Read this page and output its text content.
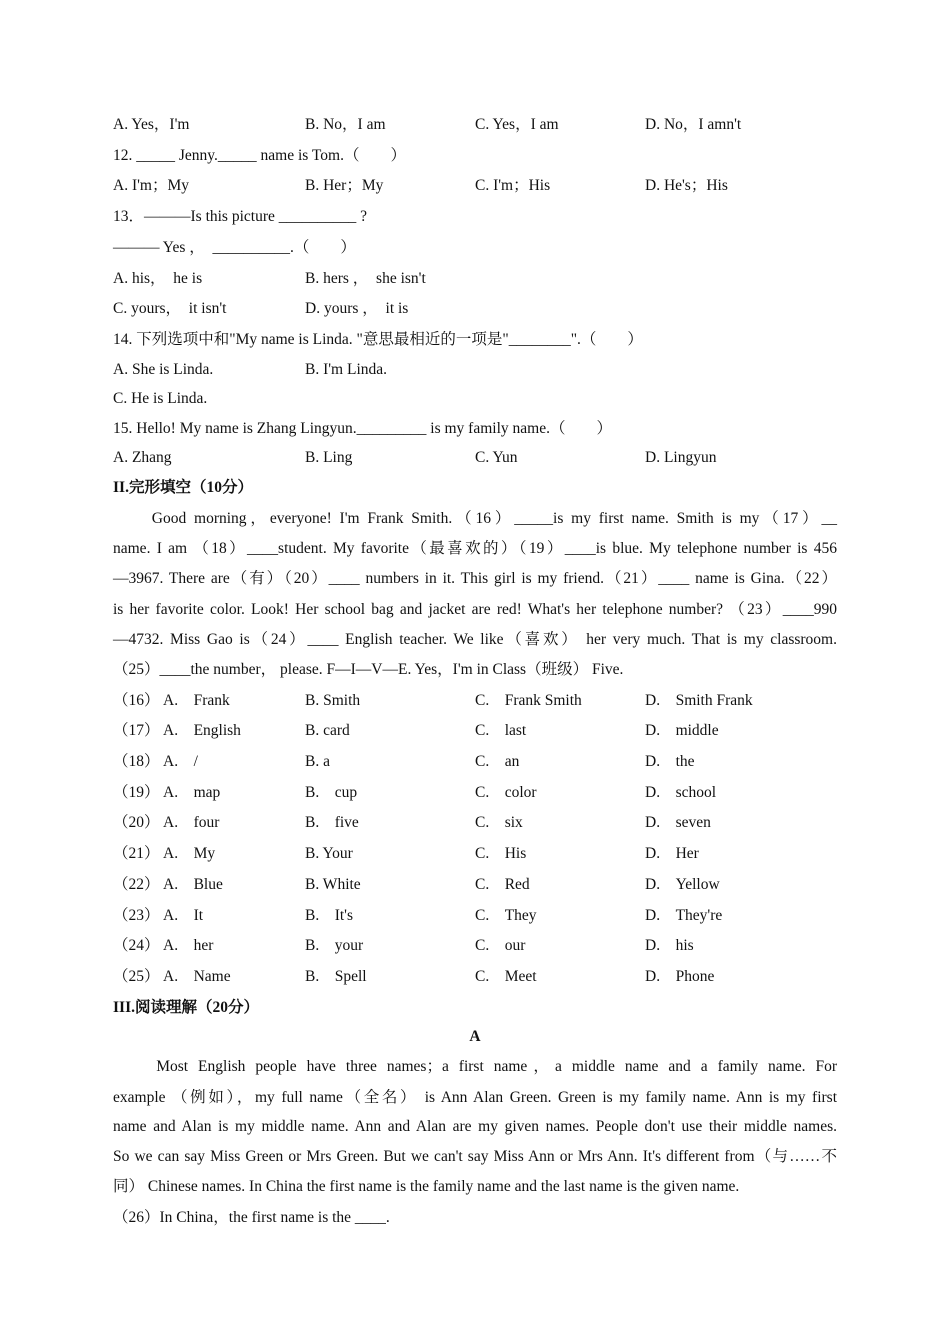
A. Yes，I'm	B. No，I am	C. Yes，I am	D. No，I amn't
12. _____ Jenny._____ name is Tom.（　　）
A. I'm；My	B. Her；My	C. I'm；His	D. He's；His
13．———Is this picture __________ ?
——— Yes ，　__________.（　　）
A. his，　he is	B. hers ，　she isn't
C. yours，　it isn't	D. yours ，　it is
14. 下列选项中和"My name is Linda. "意思最相近的一项是"________".（　　）
A. She is Linda.	B. I'm Linda.
C. He is Linda.
15. Hello! My name is Zhang Lingyun._________ is my family name.（　　）
A. Zhang	B. Ling	C. Yun	D. Lingyun
II.完形填空（10分）
　　Good morning，everyone! I'm Frank Smith.（16）_____is my first name. Smith is my（17）__
name. I am （18）____student. My favorite（最喜欢的）（19）____is blue. My telephone number is 456
—3967. There are（有）（20）____ numbers in it. This girl is my friend.（21）____ name is Gina.（22）
is her favorite color. Look! Her school bag and jacket are red! What's her telephone number? （23）____990
—4732. Miss Gao is（24）____ English teacher. We like（喜欢） her very much. That is my classroom.
（25）____the number， please. F—I—V—E. Yes，I'm in Class（班级） Five.
（16） A.　Frank	B. Smith	C.　Frank Smith	D.　Smith Frank
（17） A.　English	B. card	C.　last	D.　middle
（18） A.　/	B. a	C.　an	D.　the
（19） A.　map	B.　cup	C.　color	D.　school
（20） A.　four	B.　five	C.　six	D.　seven
（21） A.　My	B. Your	C.　His	D.　Her
（22） A.　Blue	B. White	C.　Red	D.　Yellow
（23） A.　It	B.　It's	C.　They	D.　They're
（24） A.　her	B.　your	C.　our	D.　his
（25） A.　Name	B.　Spell	C.　Meet	D.　Phone
III.阅读理解（20分）
A
　　Most English people have three names；a first name，a middle name and a family name. For
example （例如），my full name（全名） is Ann Alan Green. Green is my family name. Ann is my first
name and Alan is my middle name. Ann and Alan are my given names. People don't use their middle names.
So we can say Miss Green or Mrs Green. But we can't say Miss Ann or Mrs Ann. It's different from（与……不
同） Chinese names. In China the first name is the family name and the last name is the given name.
（26）In China，the first name is the ____.
